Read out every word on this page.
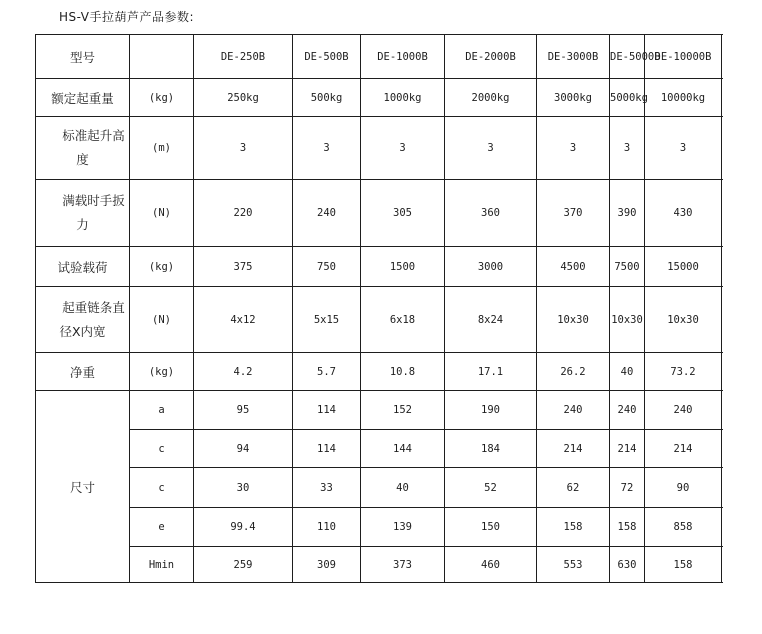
HS-V手拉葫芦产品参数:
型号		DE-250B	DE-500B	DE-1000B	DE-2000B	DE-3000B	DE-5000B	DE-10000B
额定起重量	(kg)	250kg	500kg	1000kg	2000kg	3000kg	5000kg	10000kg

标准起升高
度	(m)	3	3	3	3	3	3	3

满载时手扳
力	(N)	220	240	305	360	370	390	430
试验载荷	(kg)	375	750	1500	3000	4500	7500	15000

起重链条直
径X内宽	(N)	4x12	5x15	6x18	8x24	10x30	10x30	10x30
净重	(kg)	4.2	5.7	10.8	17.1	26.2	40	73.2
尺寸	a	95	114	152	190	240	240	240
	c	94	114	144	184	214	214	214
	c	30	33	40	52	62	72	90
	e	99.4	110	139	150	158	158	858
	Hmin	259	309	373	460	553	630	158
